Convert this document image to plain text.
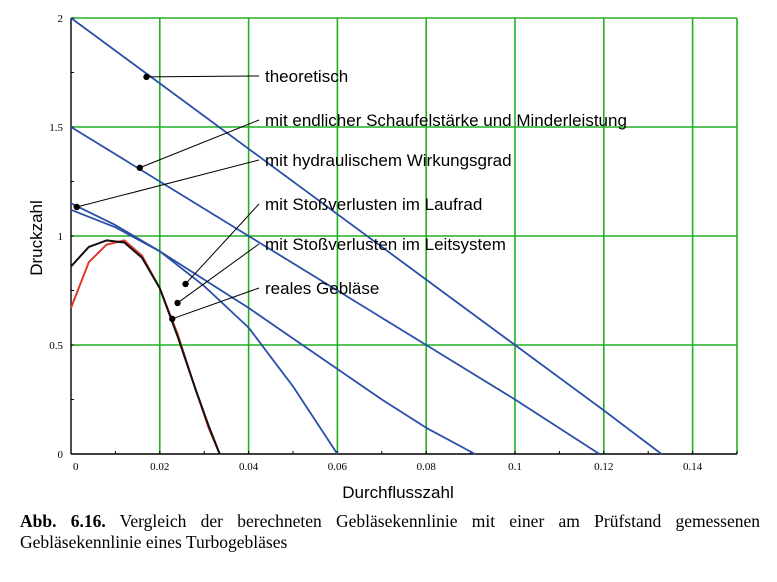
0	0.02	0.04	0.06	0.08	0.1	0.12	0.14
0
0.5
1
1.5
2
theoretisch
mit endlicher Schaufelstärke und Minderleistung
mit hydraulischem Wirkungsgrad
mit Stoßverlusten im Laufrad
mit Stoßverlusten im Leitsystem
reales Gebläse
Durchflusszahl
Druckzahl
Abb. 6.16. Vergleich der berechneten Gebläsekennlinie mit einer am Prüfstand gemessenen Gebläsekennlinie eines Turbogebläses
